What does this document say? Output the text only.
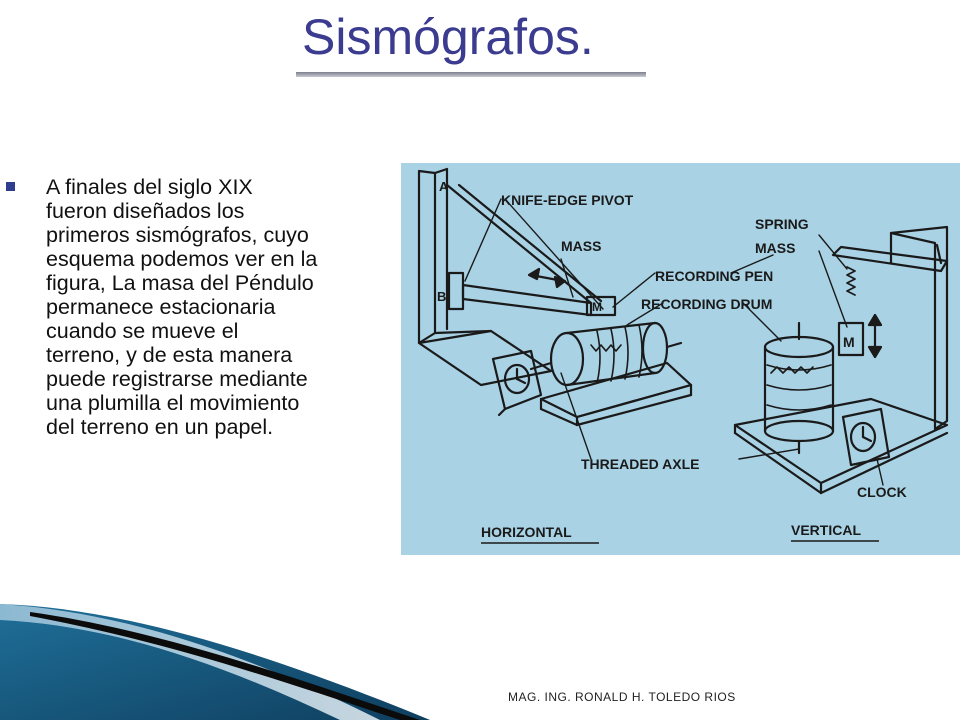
Sismógrafos.

A finales del siglo XIX
fueron diseñados los
primeros sismógrafos, cuyo
esquema podemos ver en la
figura, La masa del Péndulo
permanece estacionaria
cuando se mueve el
terreno, y de esta manera
puede registrarse mediante
una plumilla el movimiento
del terreno en un papel.

A
B
M
M
KNIFE-EDGE PIVOT
MASS
RECORDING PEN
RECORDING DRUM
SPRING
MASS
THREADED AXLE
CLOCK
HORIZONTAL	VERTICAL
MAG. ING. RONALD H. TOLEDO RIOS
